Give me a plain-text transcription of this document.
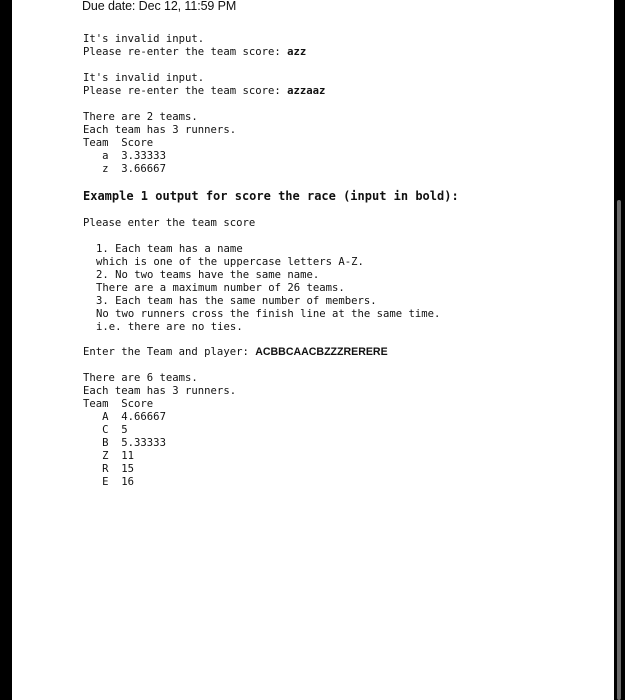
Due date: Dec 12, 11:59 PM

It's invalid input.

Please re-enter the team score: azz

It's invalid input.

Please re-enter the team score: azzaaz

There are 2 teams.

Each team has 3 runners.

Team  Score

a 3.33333

z 3.66667

Example 1 output for score the race (input in bold):

Please enter the team score

1. Each team has a name

which is one of the uppercase letters A-Z.

2. No two teams have the same name.

There are a maximum number of 26 teams.

3. Each team has the same number of members.

No two runners cross the finish line at the same time.

i.e. there are no ties.

Enter the Team and player: ACBBCAACBZZZRERERE

There are 6 teams.

Each team has 3 runners.

Team  Score

A 4.66667

C 5

B 5.33333

Z 11

R 15

E 16
